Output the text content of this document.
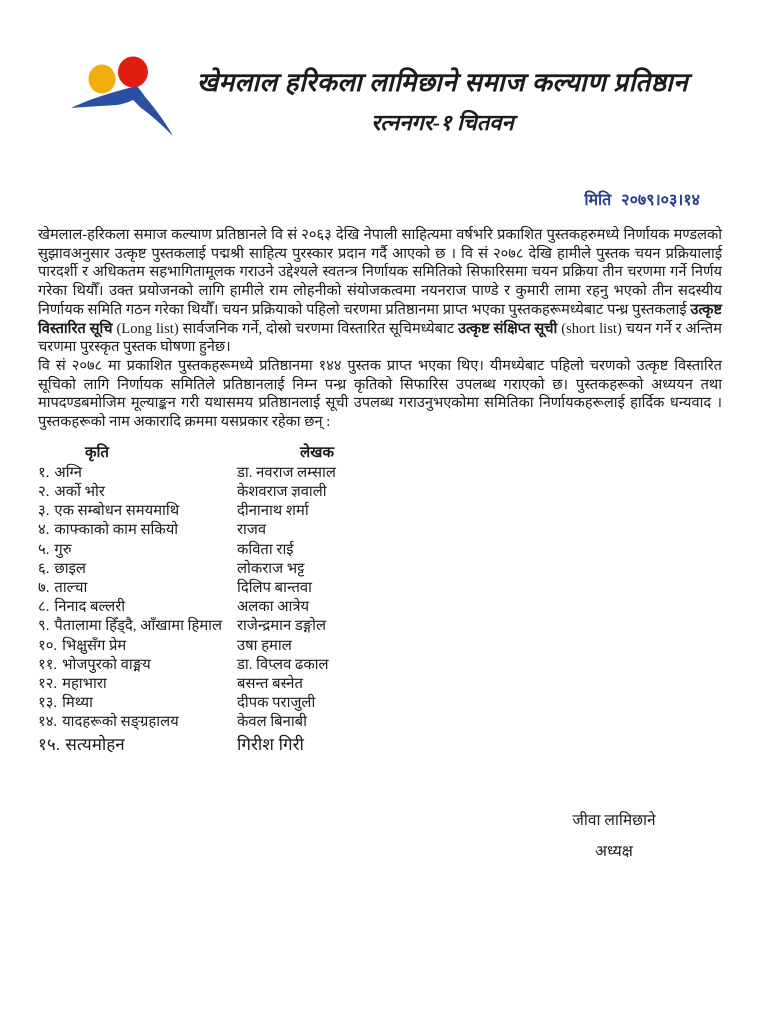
खेमलाल हरिकला लामिछाने समाज कल्याण प्रतिष्ठान
रत्ननगर-१ चितवन
मिति २०७९।०३।१४

खेमलाल-हरिकला समाज कल्याण प्रतिष्ठानले वि सं २०६३ देखि नेपाली साहित्यमा वर्षभरि प्रकाशित पुस्तकहरुमध्ये निर्णायक मण्डलको सुझावअनुसार उत्कृष्ट पुस्तकलाई पद्मश्री साहित्य पुरस्कार प्रदान गर्दै आएको छ । वि सं २०७८ देखि हामीले पुस्तक चयन प्रक्रियालाई पारदर्शी र अधिकतम सहभागितामूलक गराउने उद्देश्यले स्वतन्त्र निर्णायक समितिको सिफारिसमा चयन प्रक्रिया तीन चरणमा गर्ने निर्णय गरेका थियौँ। उक्त प्रयोजनको लागि हामीले राम लोहनीको संयोजकत्वमा नयनराज पाण्डे र कुमारी लामा रहनु भएको तीन सदस्यीय निर्णायक समिति गठन गरेका थियौँ। चयन प्रक्रियाको पहिलो चरणमा प्रतिष्ठानमा प्राप्त भएका पुस्तकहरूमध्येबाट पन्ध्र पुस्तकलाई उत्कृष्ट विस्तारित सूचि (Long list) सार्वजनिक गर्ने, दोस्रो चरणमा विस्तारित सूचिमध्येबाट उत्कृष्ट संक्षिप्त सूची (short list) चयन गर्ने र अन्तिम चरणमा पुरस्कृत पुस्तक घोषणा हुनेछ।

वि सं २०७८ मा प्रकाशित पुस्तकहरूमध्ये प्रतिष्ठानमा १४४ पुस्तक प्राप्त भएका थिए। यीमध्येबाट पहिलो चरणको उत्कृष्ट विस्तारित सूचिको लागि निर्णायक समितिले प्रतिष्ठानलाई निम्न पन्ध्र कृतिको सिफारिस उपलब्ध गराएको छ। पुस्तकहरूको अध्ययन तथा मापदण्डबमोजिम मूल्याङ्कन गरी यथासमय प्रतिष्ठानलाई सूची उपलब्ध गराउनुभएकोमा समितिका निर्णायकहरूलाई हार्दिक धन्यवाद । पुस्तकहरूको नाम अकारादि क्रममा यसप्रकार रहेका छन् :

कृति	लेखक
१. अग्नि	डा. नवराज लम्साल
२. अर्को भोर	केशवराज ज्ञवाली
३. एक सम्बोधन समयमाथि	दीनानाथ शर्मा
४. काफ्काको काम सकियो	राजव
५. गुरु	कविता राई
६. छाइल	लोकराज भट्ट
७. ताल्चा	दिलिप बान्तवा
८. निनाद बल्लरी	अलका आत्रेय
९. पैतालामा हिँड्दै, आँखामा हिमाल	राजेन्द्रमान डङ्गोल
१०. भिक्षुसँग प्रेम	उषा हमाल
११. भोजपुरको वाङ्मय	डा. विप्लव ढकाल
१२. महाभारा	बसन्त बस्नेत
१३. मिथ्या	दीपक पराजुली
१४. यादहरूको सङ्ग्रहालय	केवल बिनाबी
१५. सत्यमोहन	गिरीश गिरी
जीवा लामिछाने
अध्यक्ष
